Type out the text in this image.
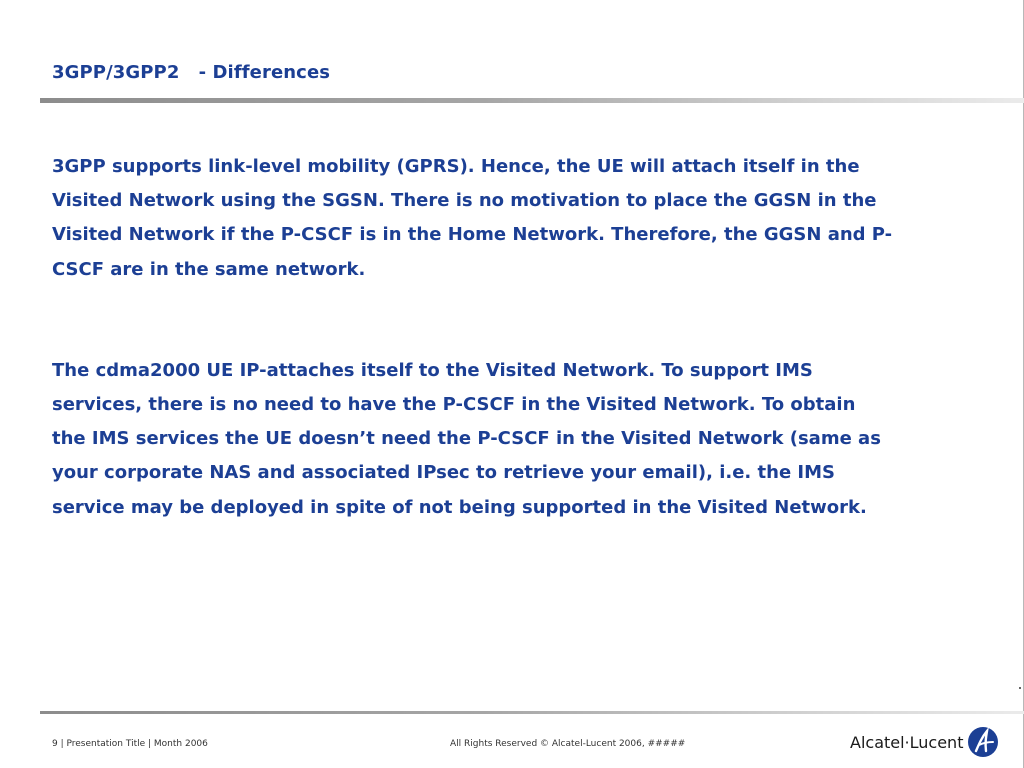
3GPP/3GPP2   - Differences

3GPP supports link-level mobility (GPRS). Hence, the UE will attach itself in the
Visited Network using the SGSN. There is no motivation to place the GGSN in the
Visited Network if the P-CSCF is in the Home Network. Therefore, the GGSN and P-
CSCF are in the same network.

The cdma2000 UE IP-attaches itself to the Visited Network. To support IMS
services, there is no need to have the P-CSCF in the Visited Network. To obtain
the IMS services the UE doesn’t need the P-CSCF in the Visited Network (same as
your corporate NAS and associated IPsec to retrieve your email), i.e. the IMS
service may be deployed in spite of not being supported in the Visited Network.

9 | Presentation Title | Month 2006	All Rights Reserved © Alcatel-Lucent 2006, #####	Alcatel·Lucent
